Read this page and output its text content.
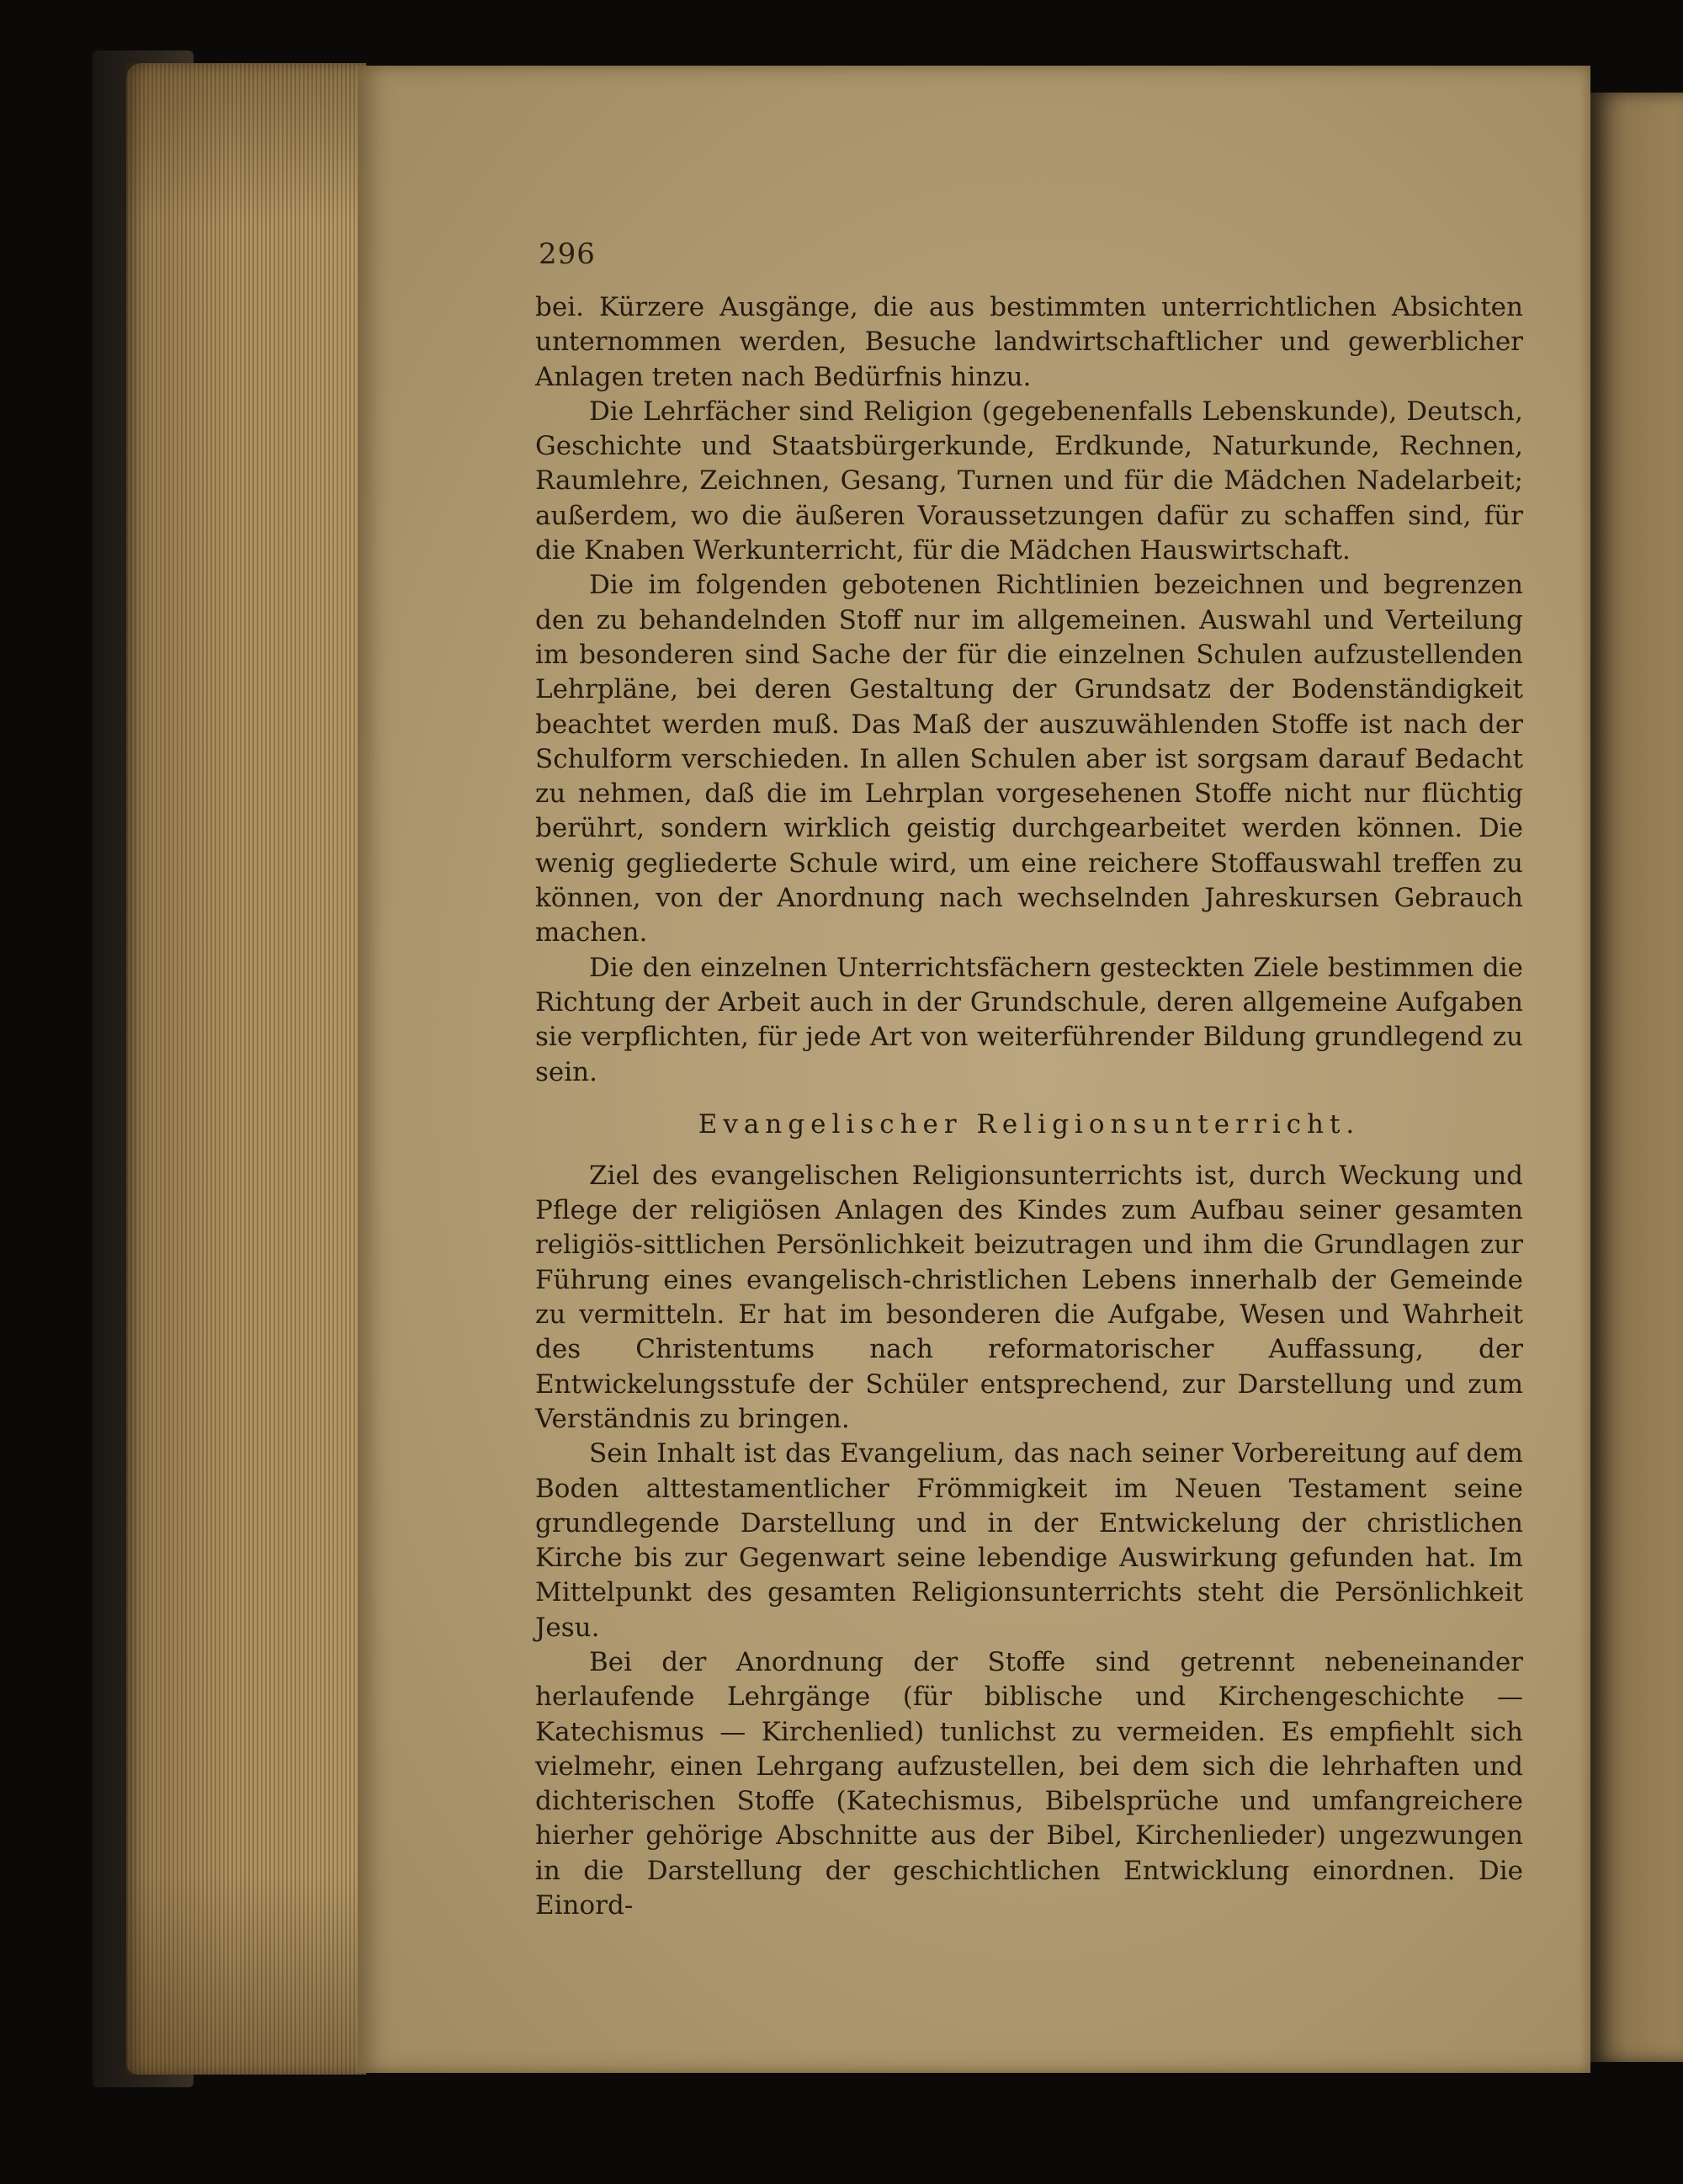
296

bei. Kürzere Ausgänge, die aus bestimmten unterrichtlichen Absichten unternommen werden, Besuche landwirtschaftlicher und gewerblicher Anlagen treten nach Bedürfnis hinzu.

Die Lehrfächer sind Religion (gegebenenfalls Lebenskunde), Deutsch, Geschichte und Staatsbürgerkunde, Erdkunde, Naturkunde, Rechnen, Raumlehre, Zeichnen, Gesang, Turnen und für die Mädchen Nadelarbeit; außerdem, wo die äußeren Voraussetzungen dafür zu schaffen sind, für die Knaben Werkunterricht, für die Mädchen Hauswirtschaft.

Die im folgenden gebotenen Richtlinien bezeichnen und begrenzen den zu behandelnden Stoff nur im allgemeinen. Auswahl und Verteilung im besonderen sind Sache der für die einzelnen Schulen aufzustellenden Lehrpläne, bei deren Gestaltung der Grundsatz der Bodenständigkeit beachtet werden muß. Das Maß der auszuwählenden Stoffe ist nach der Schulform verschieden. In allen Schulen aber ist sorgsam darauf Bedacht zu nehmen, daß die im Lehrplan vorgesehenen Stoffe nicht nur flüchtig berührt, sondern wirklich geistig durchgearbeitet werden können. Die wenig gegliederte Schule wird, um eine reichere Stoffauswahl treffen zu können, von der Anordnung nach wechselnden Jahreskursen Gebrauch machen.

Die den einzelnen Unterrichtsfächern gesteckten Ziele bestimmen die Richtung der Arbeit auch in der Grundschule, deren allgemeine Aufgaben sie verpflichten, für jede Art von weiterführender Bildung grundlegend zu sein.

Evangelischer Religionsunterricht.

Ziel des evangelischen Religionsunterrichts ist, durch Weckung und Pflege der religiösen Anlagen des Kindes zum Aufbau seiner gesamten religiös-sittlichen Persönlichkeit beizutragen und ihm die Grundlagen zur Führung eines evangelisch-christlichen Lebens innerhalb der Gemeinde zu vermitteln. Er hat im besonderen die Aufgabe, Wesen und Wahrheit des Christentums nach reformatorischer Auffassung, der Entwickelungsstufe der Schüler entsprechend, zur Darstellung und zum Verständnis zu bringen.

Sein Inhalt ist das Evangelium, das nach seiner Vorbereitung auf dem Boden alttestamentlicher Frömmigkeit im Neuen Testament seine grundlegende Darstellung und in der Entwickelung der christlichen Kirche bis zur Gegenwart seine lebendige Auswirkung gefunden hat. Im Mittelpunkt des gesamten Religionsunterrichts steht die Persönlichkeit Jesu.

Bei der Anordnung der Stoffe sind getrennt nebeneinander herlaufende Lehrgänge (für biblische und Kirchengeschichte — Katechismus — Kirchenlied) tunlichst zu vermeiden. Es empfiehlt sich vielmehr, einen Lehrgang aufzustellen, bei dem sich die lehrhaften und dichterischen Stoffe (Katechismus, Bibelsprüche und umfangreichere hierher gehörige Abschnitte aus der Bibel, Kirchenlieder) ungezwungen in die Darstellung der geschichtlichen Entwicklung einordnen. Die Einord-
